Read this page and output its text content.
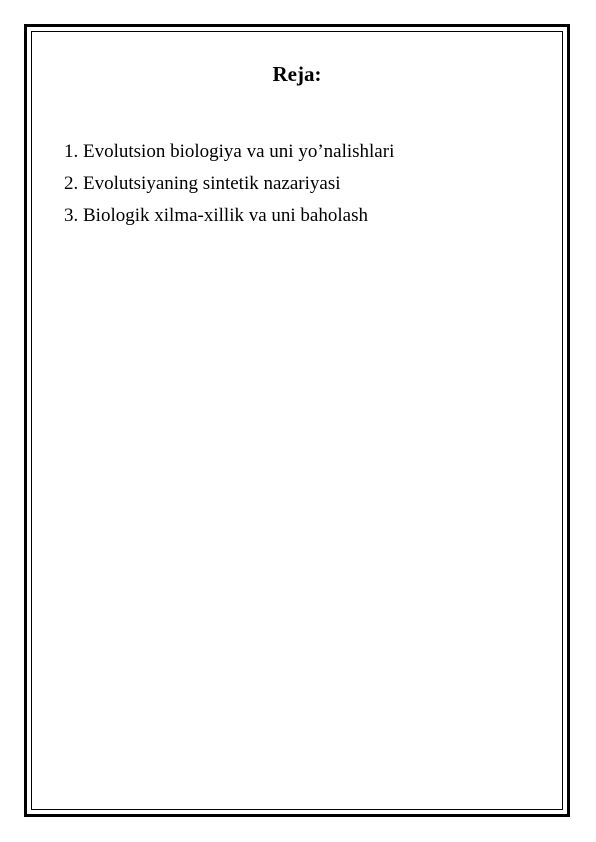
Reja:
1. Evolutsion biologiya va uni yo’nalishlari
2. Evolutsiyaning sintetik nazariyasi
3. Biologik xilma-xillik va uni baholash
